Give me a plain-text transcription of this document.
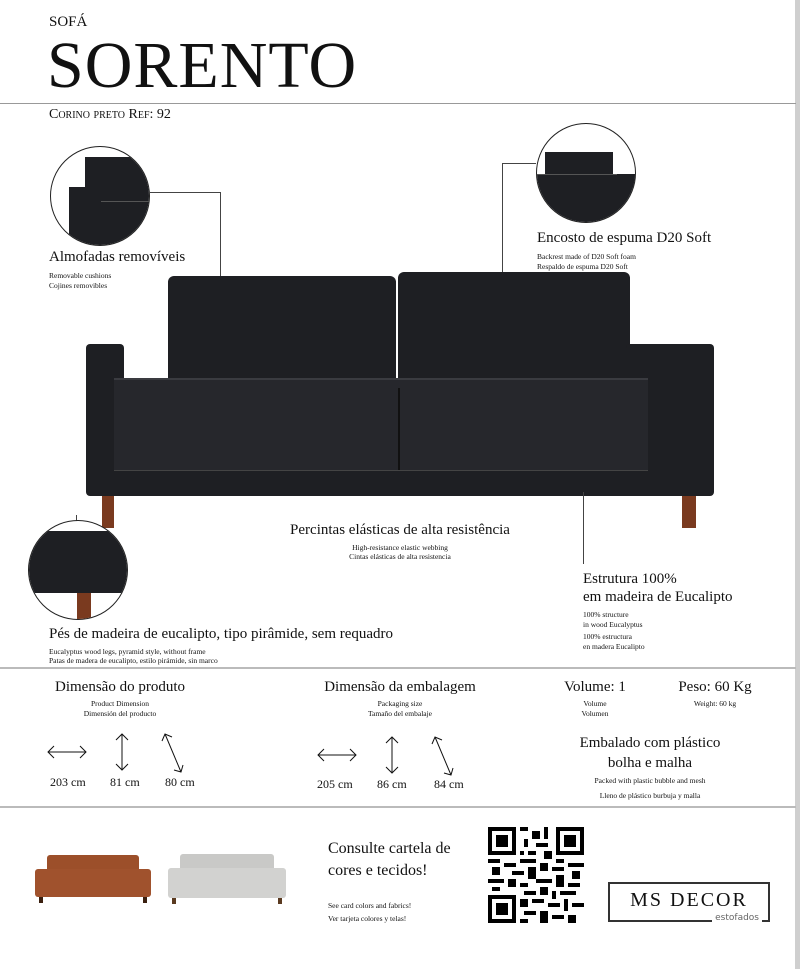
SOFÁ
SORENTO
Corino preto Ref: 92
Almofadas removíveis
Removable cushions
Cojines removibles
Encosto de espuma D20 Soft
Backrest made of D20 Soft foam
Respaldo de espuma D20 Soft
Percintas elásticas de alta resistência
High-resistance elastic webbing
Cintas elásticas de alta resistencia
Estrutura 100%
em madeira de Eucalipto
100% structure
in wood Eucalyptus
100% estructura
en madera Eucalipto
Pés de madeira de eucalipto, tipo pirâmide, sem requadro
Eucalyptus wood legs, pyramid style, without frame
Patas de madera de eucalipto, estilo pirámide, sin marco
Dimensão do produto
Product Dimension
Dimensión del producto
203 cm 81 cm 80 cm
Dimensão da embalagem
Packaging size
Tamaño del embalaje
205 cm 86 cm 84 cm
Volume: 1
Volume
Volumen
Peso: 60 Kg
Weight: 60 kg
Embalado com plástico
bolha e malha
Packed with plastic bubble and mesh
Lleno de plástico burbuja y malla
Consulte cartela de
cores e tecidos!
See card colors and fabrics!
Ver tarjeta colores y telas!
MS DECOR
estofados
